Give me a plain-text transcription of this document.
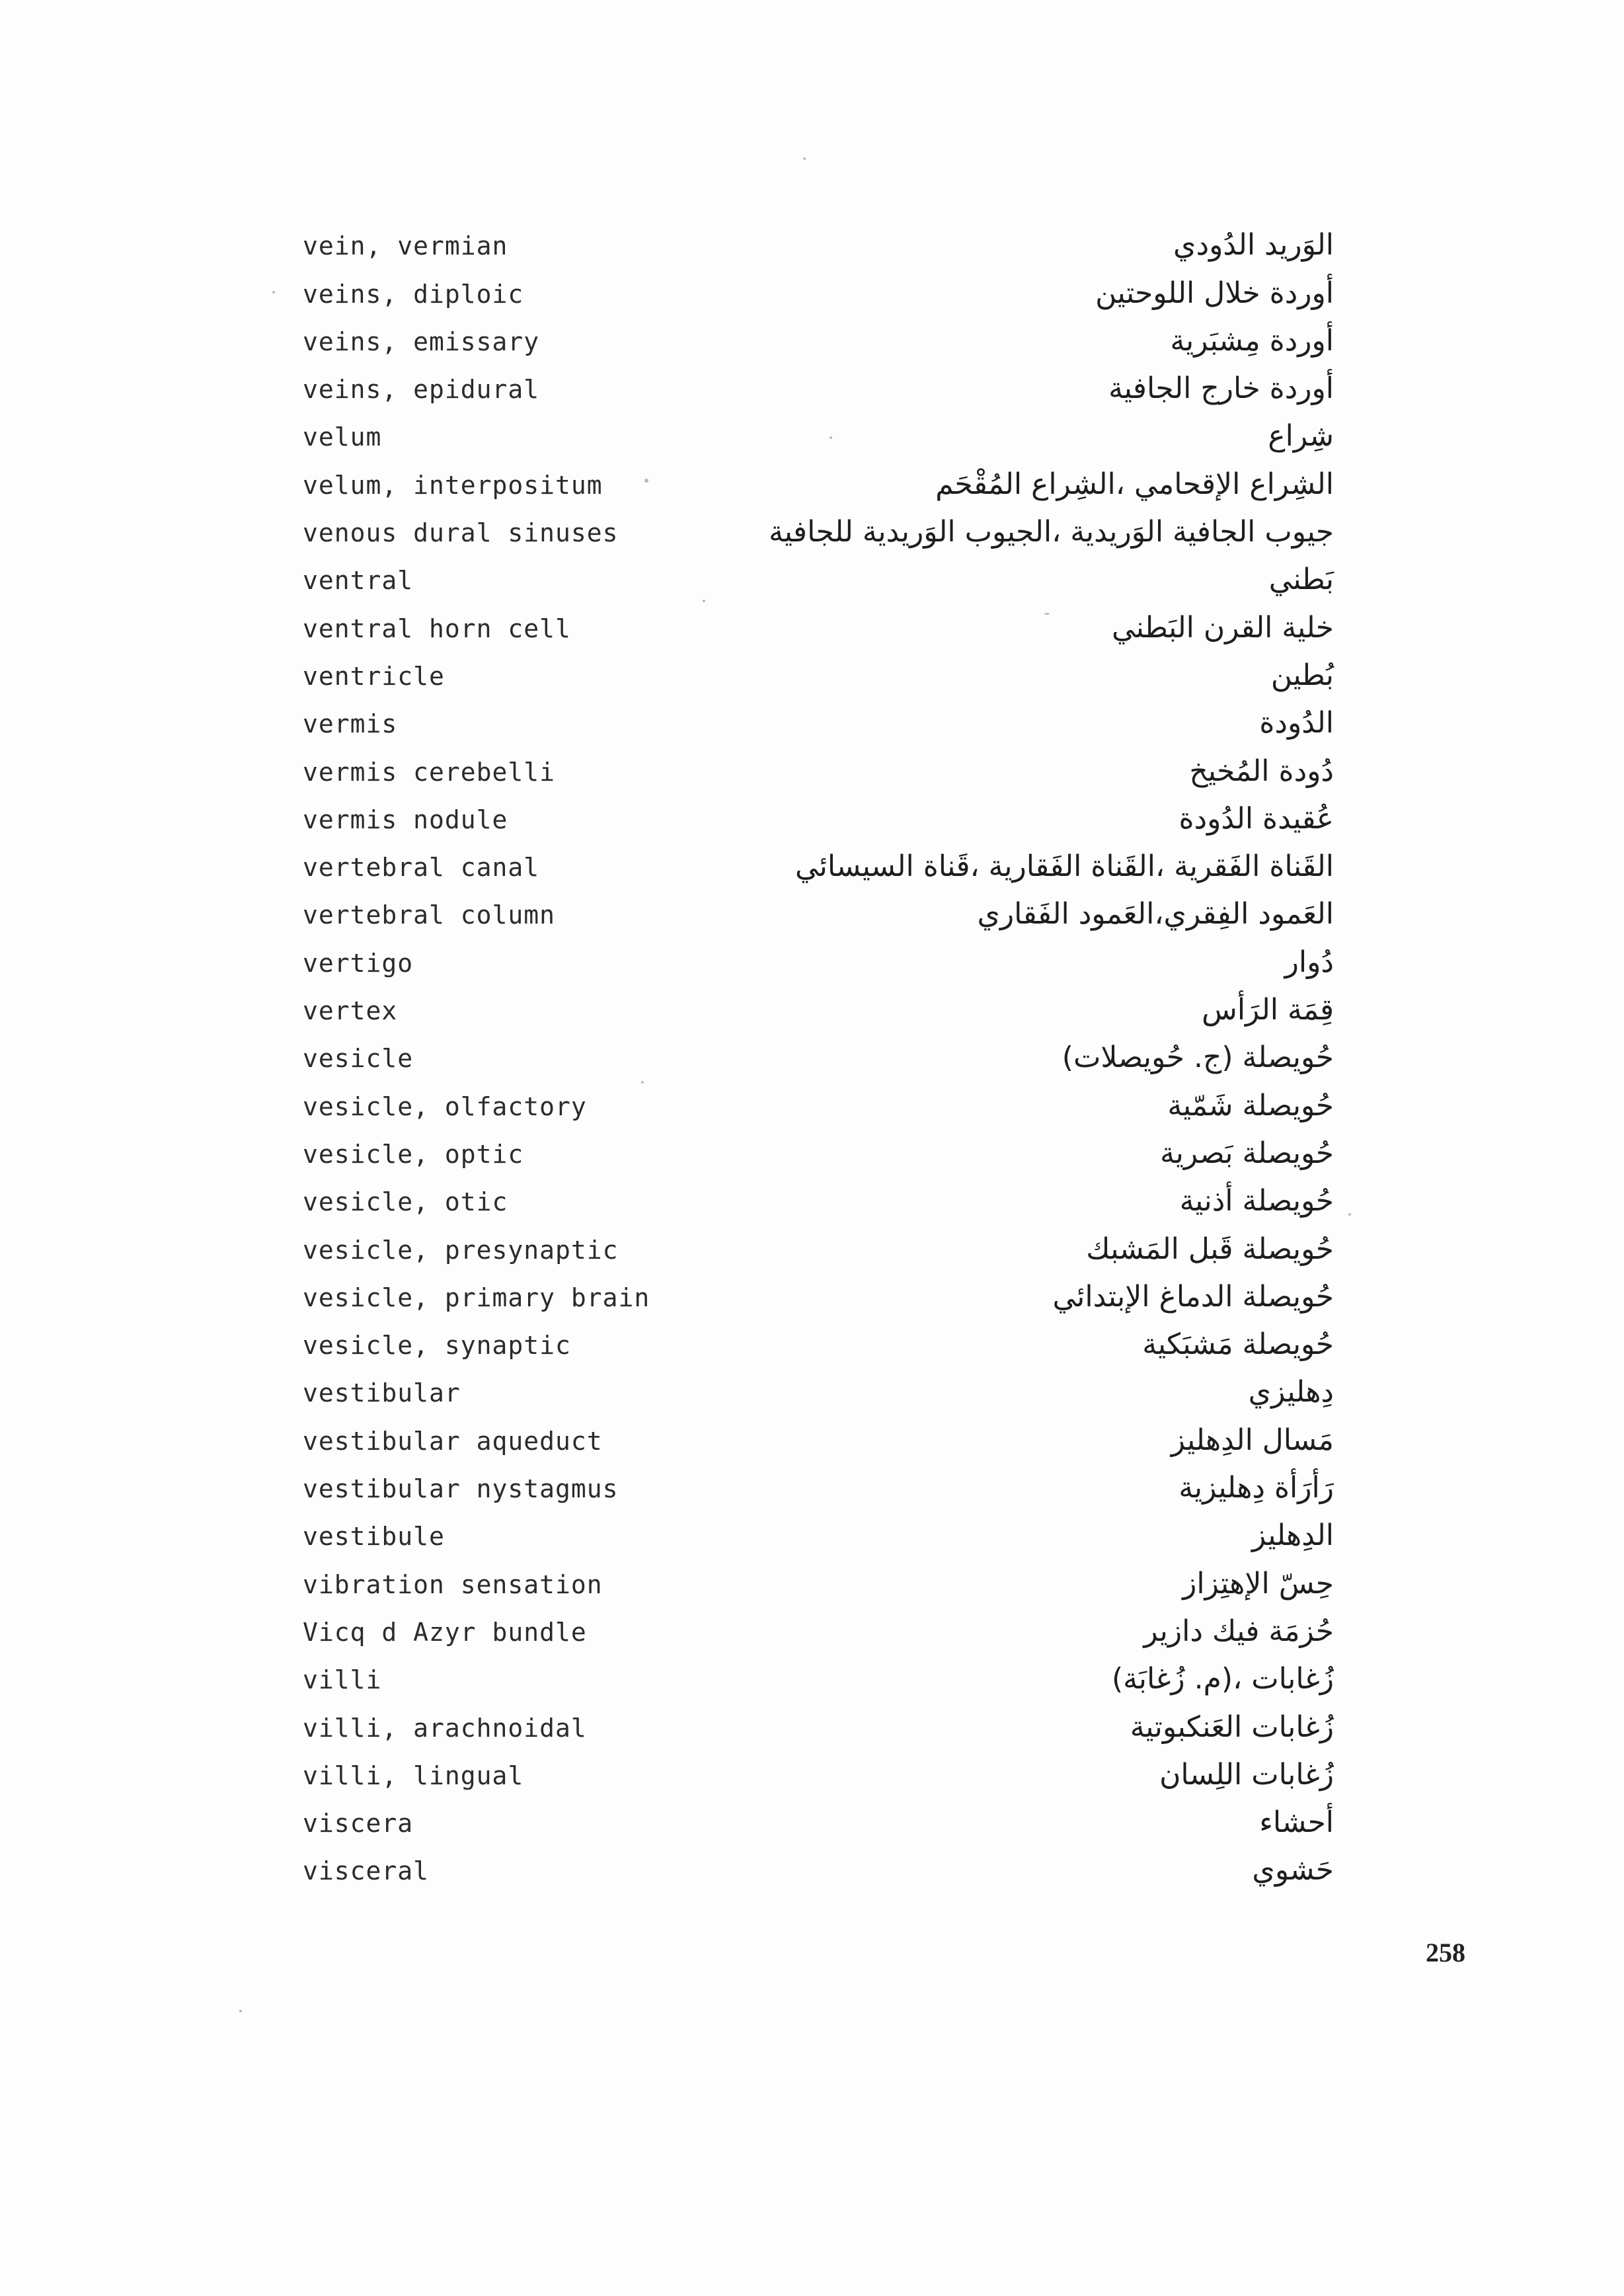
vein, vermian	الوَريد الدُودي
veins, diploic	أوردة خلال اللوحتين
veins, emissary	أوردة مِشبَرية
veins, epidural	أوردة خارج الجافية
velum	شِراع
velum, interpositum	الشِراع الإقحامي ،الشِراع المُقْحَم
venous dural sinuses	جيوب الجافية الوَريدية ،الجيوب الوَريدية للجافية
ventral	بَطني
ventral horn cell	خلية القرن البَطني
ventricle	بُطين
vermis	الدُودة
vermis cerebelli	دُودة المُخيخ
vermis nodule	عُقيدة الدُودة
vertebral canal	القَناة الفَقرية ،القَناة الفَقارية ،قَناة السيسائي
vertebral column	العَمود الفِقري،العَمود الفَقاري
vertigo	دُوار
vertex	قِمَة الرَأس
vesicle	حُويصلة (ج. حُويصلات)
vesicle, olfactory	حُويصلة شَمّية
vesicle, optic	حُويصلة بَصرية
vesicle, otic	حُويصلة أذنية
vesicle, presynaptic	حُويصلة قَبل المَشبك
vesicle, primary brain	حُويصلة الدماغ الإبتدائي
vesicle, synaptic	حُويصلة مَشبَكية
vestibular	دِهليزي
vestibular aqueduct	مَسال الدِهليز
vestibular nystagmus	رَأرَأة دِهليزية
vestibule	الدِهليز
vibration sensation	حِسّ الإهتِزاز
Vicq d Azyr bundle	حُزمَة فيك دازير
villi	زُغابات ،(م. زُغابَة)
villi, arachnoidal	زُغابات العَنكبوتية
villi, lingual	زُغابات اللِسان
viscera	أحشاء
visceral	حَشوي
258
